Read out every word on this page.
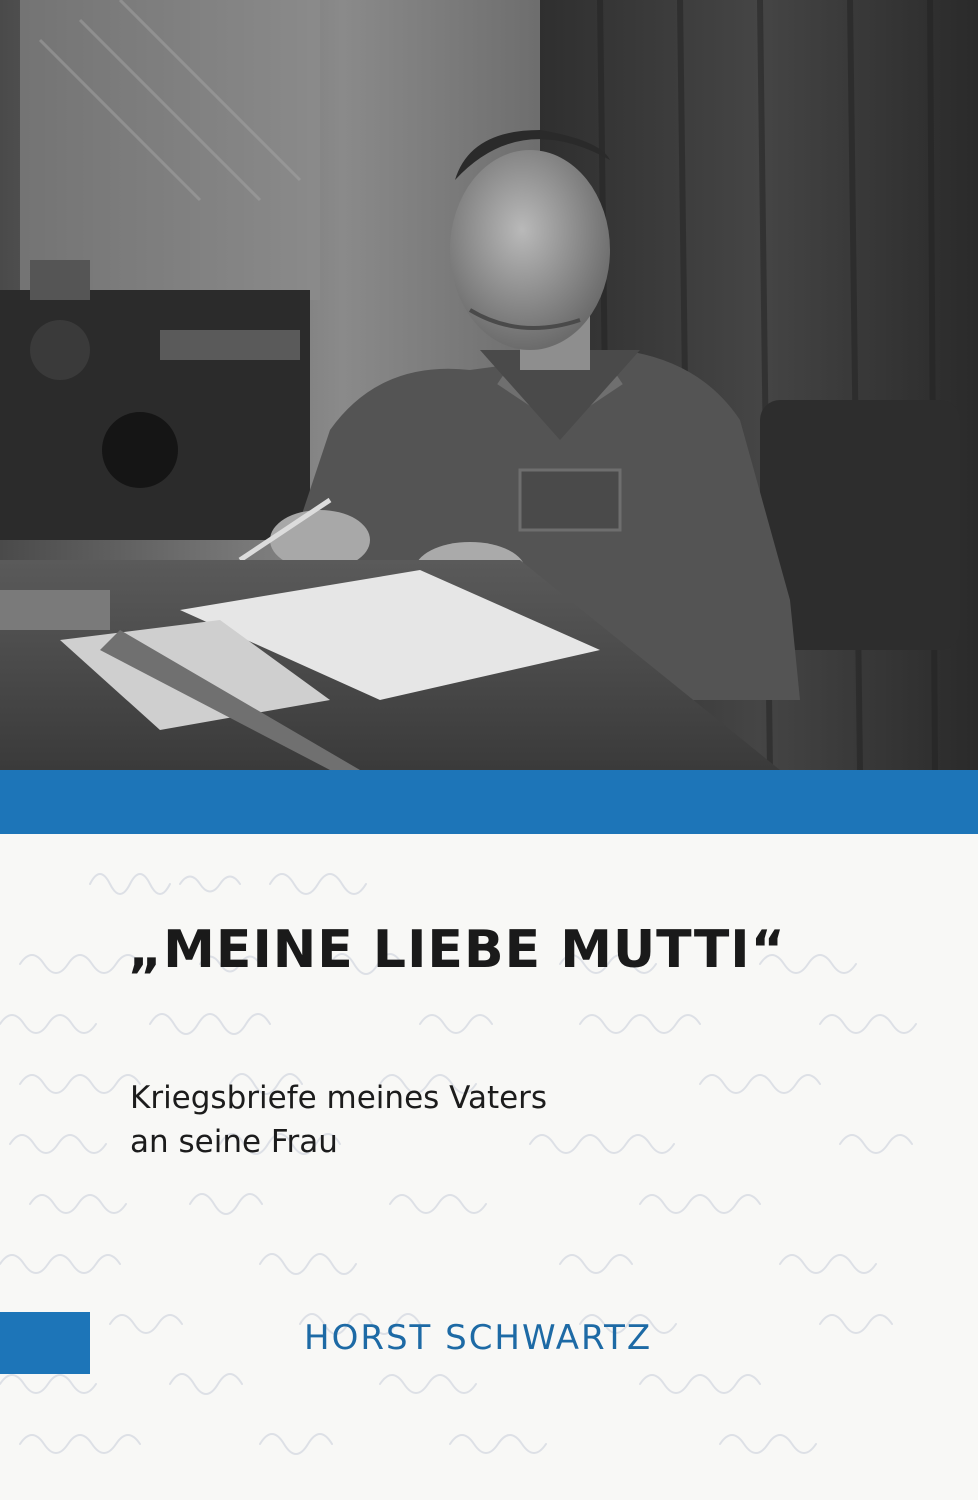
„MEINE LIEBE MUTTI“
Kriegsbriefe meines Vaters
an seine Frau
HORST SCHWARTZ
